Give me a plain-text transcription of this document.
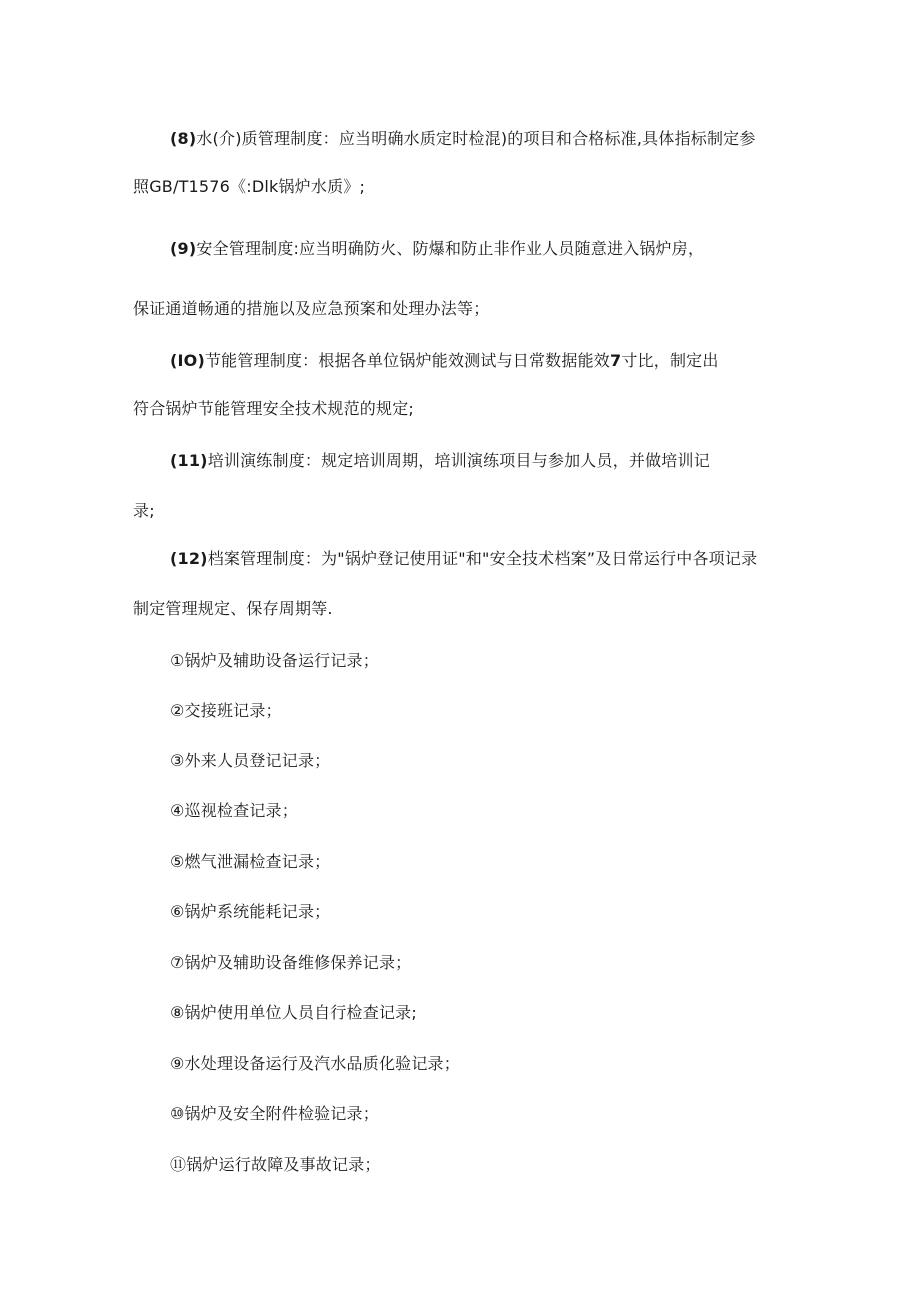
(8)水(介)质管理制度：应当明确水质定时检混)的项目和合格标准,具体指标制定参
照GB/T1576《:Dlk锅炉水质》;
(9)安全管理制度:应当明确防火、防爆和防止非作业人员随意进入锅炉房，
保证通道畅通的措施以及应急预案和处理办法等；
(IO)节能管理制度：根据各单位锅炉能效测试与日常数据能效7寸比，制定出
符合锅炉节能管理安全技术规范的规定;
(11)培训演练制度：规定培训周期，培训演练项目与参加人员，并做培训记
录;
(12)档案管理制度：为"锅炉登记使用证"和"安全技术档案”及日常运行中各项记录
制定管理规定、保存周期等.
①锅炉及辅助设备运行记录；
②交接班记录；
③外来人员登记记录；
④巡视检查记录；
⑤燃气泄漏检查记录；
⑥锅炉系统能耗记录；
⑦锅炉及辅助设备维修保养记录；
⑧锅炉使用单位人员自行检查记录;
⑨水处理设备运行及汽水品质化验记录；
⑩锅炉及安全附件检验记录；
⑪锅炉运行故障及事故记录；
